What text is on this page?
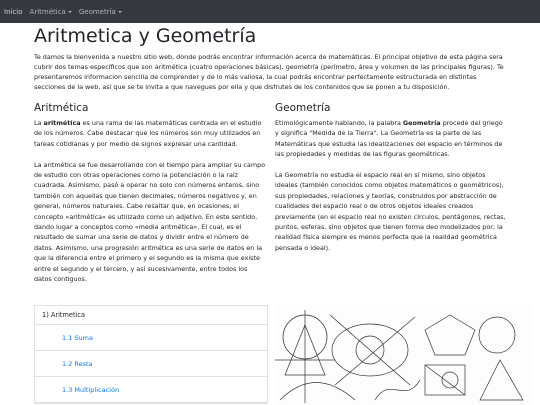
Inicio Aritmética Geometría
Aritmetica y Geometría

Te damos la bienvenida a nuestro sitio web, donde podrás encontrar información acerca de matemáticas. El principal objetivo de esta página sera cubrir dos temas específicos que son aritmética (cuatro operaciones básicas), geometría (perímetro, área y volumen de las principales figuras). Te presentaremos informacion sencilla de comprender y de lo más valiosa, la cual podrás encontrar perfectamente estructurada en distintas secciones de la web, así que se te invita a que navegues por ella y que disfrutes de los contenidos que se ponen a tu disposición.

Aritmética

La aritmética es una rama de las matemáticas centrada en el estudio de los números. Cabe destacar que los números son muy utilizados en tareas cotidianas y por medio de signos expresar una cantidad.

La aritmética se fue desarrollando con el tiempo para ampliar su campo de estudio con otras operaciones como la potenciación o la raíz cuadrada. Asimismo, pasó a operar no solo con números enteros, sino también con aquellas que tienen decimales, números negativos y, en general, números naturales. Cabe resaltar que, en ocasiones, el concepto «aritmética» es utilizado como un adjetivo. En este sentido, dando lugar a conceptos como «media aritmética». El cual, es el resultado de sumar una serie de datos y dividir entre el número de datos. Asimismo, una progresión aritmética es una serie de datos en la que la diferencia entre el primero y el segundo es la misma que existe entre el segundo y el tercero, y así sucesivamente, entre todos los datos contiguos.

Geometría

Etimológicamente hablando, la palabra Geometría procede del griego y significa "Medida de la Tierra". La Geometría es la parte de las Matemáticas que estudia las idealizaciones del espacio en términos de las propiedades y medidas de las figuras geométricas.

La Geometría no estudia el espacio real en sí mismo, sino objetos ideales (también conocidos como objetos matemáticos o geométricos), sus propiedades, relaciones y teorías, construidos por abstracción de cualidades del espacio real o de otros objetos ideales creados previamente (en el espacio real no existen círculos, pentágonos, rectas, puntos, esferas, sino objetos que tienen forma deo modelizados por; la realidad física siempre es menos perfecta que la realidad geométrica pensada o ideal).

1) Aritmetica
1.1 Suma
1.2 Resta
1.3 Multiplicación
